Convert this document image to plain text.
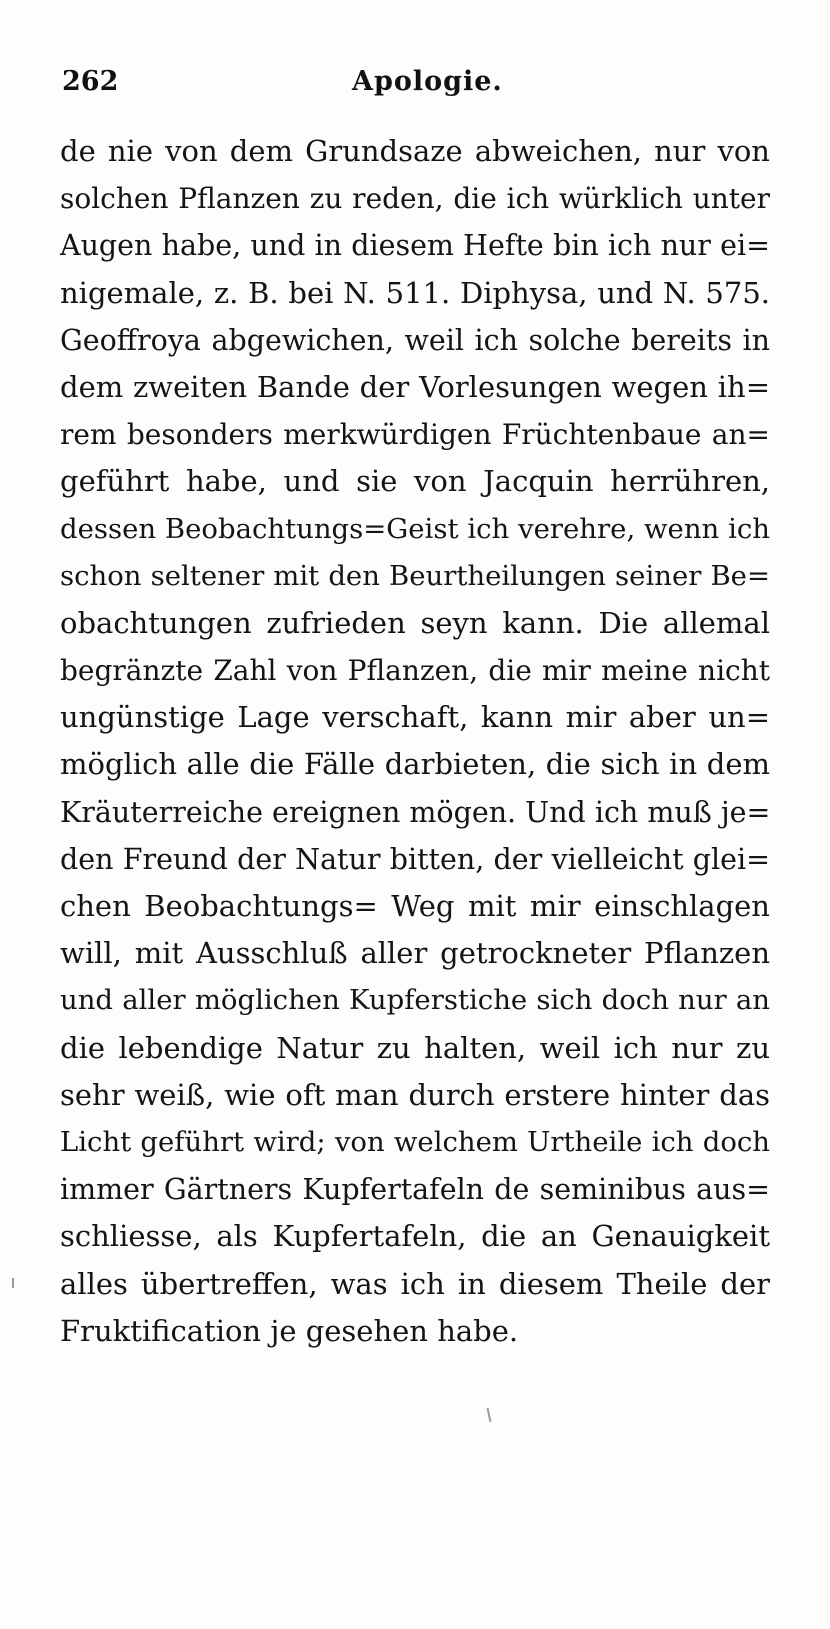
262	Apologie.
de nie von dem Grundsaze abweichen, nur von
solchen Pflanzen zu reden, die ich würklich unter
Augen habe, und in diesem Hefte bin ich nur ei=
nigemale, z. B. bei N. 511. Diphysa, und N. 575.
Geoffroya abgewichen, weil ich solche bereits in
dem zweiten Bande der Vorlesungen wegen ih=
rem besonders merkwürdigen Früchtenbaue an=
geführt habe, und sie von Jacquin herrühren,
dessen Beobachtungs=Geist ich verehre, wenn ich
schon seltener mit den Beurtheilungen seiner Be=
obachtungen zufrieden seyn kann. Die allemal
begränzte Zahl von Pflanzen, die mir meine nicht
ungünstige Lage verschaft, kann mir aber un=
möglich alle die Fälle darbieten, die sich in dem
Kräuterreiche ereignen mögen. Und ich muß je=
den Freund der Natur bitten, der vielleicht glei=
chen Beobachtungs= Weg mit mir einschlagen
will, mit Ausschluß aller getrockneter Pflanzen
und aller möglichen Kupferstiche sich doch nur an
die lebendige Natur zu halten, weil ich nur zu
sehr weiß, wie oft man durch erstere hinter das
Licht geführt wird; von welchem Urtheile ich doch
immer Gärtners Kupfertafeln de seminibus aus=
schliesse, als Kupfertafeln, die an Genauigkeit
alles übertreffen, was ich in diesem Theile der
Fruktification je gesehen habe.
